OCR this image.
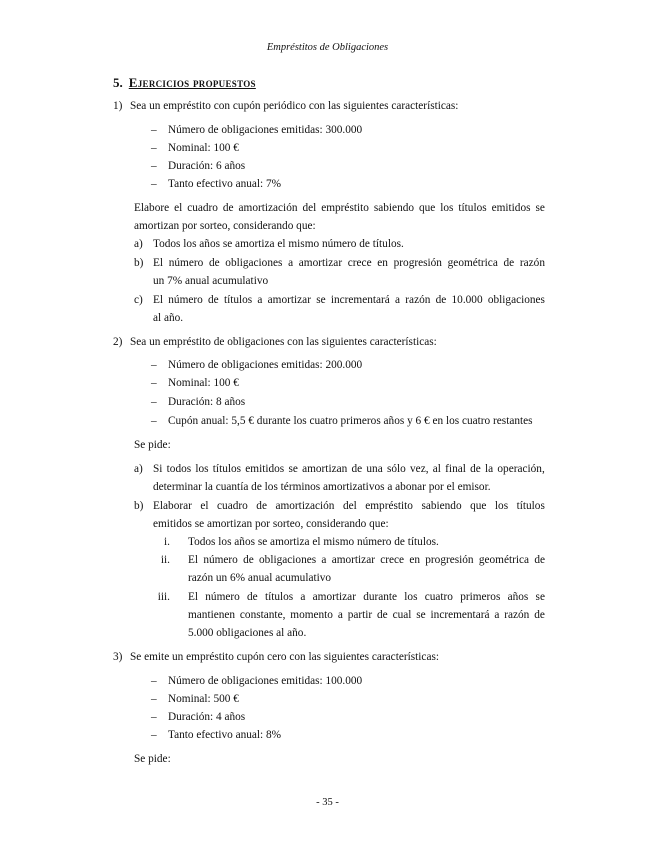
Empréstitos de Obligaciones
5. Ejercicios propuestos
1) Sea un empréstito con cupón periódico con las siguientes características:
– Número de obligaciones emitidas: 300.000
– Nominal: 100 €
– Duración: 6 años
– Tanto efectivo anual: 7%
Elabore el cuadro de amortización del empréstito sabiendo que los títulos emitidos se
amortizan por sorteo, considerando que:
a) Todos los años se amortiza el mismo número de títulos.
b) El número de obligaciones a amortizar crece en progresión geométrica de razón
un 7% anual acumulativo
c) El número de títulos a amortizar se incrementará a razón de 10.000 obligaciones
al año.
2) Sea un empréstito de obligaciones con las siguientes características:
– Número de obligaciones emitidas: 200.000
– Nominal: 100 €
– Duración: 8 años
– Cupón anual: 5,5 € durante los cuatro primeros años y 6 € en los cuatro restantes
Se pide:
a) Si todos los títulos emitidos se amortizan de una sólo vez, al final de la operación,
determinar la cuantía de los términos amortizativos a abonar por el emisor.
b) Elaborar el cuadro de amortización del empréstito sabiendo que los títulos
emitidos se amortizan por sorteo, considerando que:
i. Todos los años se amortiza el mismo número de títulos.
ii. El número de obligaciones a amortizar crece en progresión geométrica de
razón un 6% anual acumulativo
iii. El número de títulos a amortizar durante los cuatro primeros años se
mantienen constante, momento a partir de cual se incrementará a razón de
5.000 obligaciones al año.
3) Se emite un empréstito cupón cero con las siguientes características:
– Número de obligaciones emitidas: 100.000
– Nominal: 500 €
– Duración: 4 años
– Tanto efectivo anual: 8%
Se pide:
- 35 -
